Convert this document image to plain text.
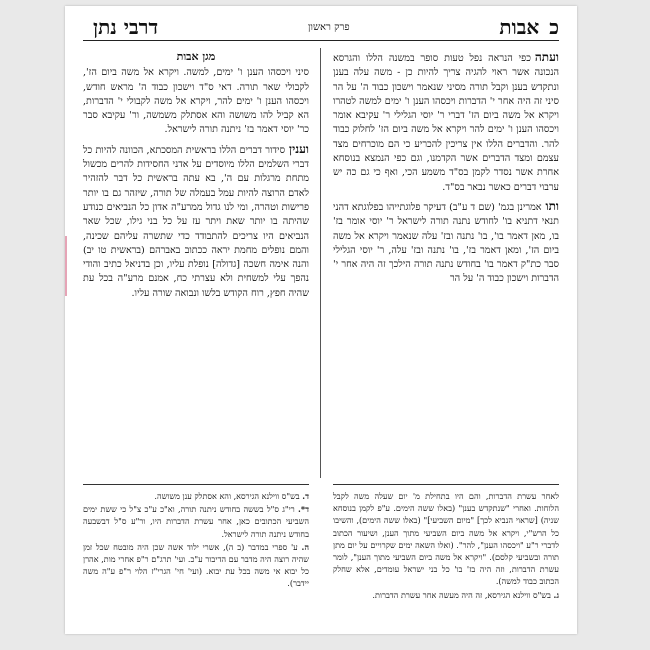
כ
אבות
פרק ראשון
דרבי נתן

ועתהכפי הנראה נפל טעות סופר במשנה הללו והגרסא הנכונה אשר ראוי להגיה צריך להיות כן - משה עלה בענן ונתקדש בענן וקבל תורה מסיני שנאמר וישכון כבוד ה' על הר סיני זה היה אחר י' הדברות ויכסהו הענן ו' ימים למשה לטהרו ויקרא אל משה ביום הז' דברי ר' יוסי הגלילי ר' עקיבא אומר ויכסהו הענן ו' ימים להר ויקרא אל משה ביום הז' לחלוק כבוד להר. והדברים הללו אין צריכין להכריע כי הם מוכרחים מצד עצמם ומצד הדברים אשר הקדמנו, וגם כפי הנמצא בנוסחא אחרת אשר נסדר לקמן בס"ד משמע הכי, ואף כי גם כה יש ערבוי דברים כאשר נבאר בס"ד.

ותואמרינן בגמ' (שם ד ע"ב) דעיקר פלוגתייהו בפלוגתא דהני תנאי דתניא בו' לחודש נתנה תורה לישראל ר' יוסי אומר בז' בו, מאן דאמר בו', בו' נתנה ובז' עלה שנאמר ויקרא אל משה ביום הז', ומאן דאמר בז', בו' נתנה ובז' עלה, ר' יוסי הגלילי סבר כת"ק דאמר בו' בחודש נתנה תורה הילכך זה היה אחר י' הדברות וישכון כבוד ה' על הר

מגן אבות

סיני ויכסהו הענן ו' ימים, למשה. ויקרא אל משה ביום הז', לקבולי שאר תורה. דאי ס"ד וישכון כבוד ה' מראש חודש, ויכסהו הענן ו' ימים להר, ויקרא אל משה לקבולי י' הדברות, הא קביל להו משושה והא אסתלק משמשה, ור' עקיבא סבר כר' יוסי דאמר בז' ניתנה תורה לישראל.

ועניןסידור דברים הללו בראשית המסכתא, הכוונה להיות כל דברי השלמים הללו מיוסדים על אדני החסידות להרים מכשול מתחת מרגלות עם ה', בא עתה בראשית כל דבר להזהיר לאדם הרוצה להיות עמל בעמלה של תורה, שיזהר גם בו יותר פרישות וטהרה, ומי לנו גדול ממרע"ה אדון כל הנביאים כנודע שהיתה בו יותר שאת ויתר עז על כל בני גילו, שכל שאר הנביאים היו צריכים להתבודד כדי שתשרה עליהם שכינה, והמם נופלים מחמת יראה ככתוב באברהם (בראשית טו יב) והנה אימה חשכה [גדולה] נופלת עליו, וכן בדניאל כתיב והודי נהפך עלי למשחית ולא עצרתי כח, אמנם מרע"ה בכל עת שהיה חפץ, רוח הקודש בלשו ונבואה שורה עליו.

לאחר עשרת הדברות, והם היו בתחילת מ' יום שעלה משה לקבל הלוחות. ואחרי "שנתקדש בענן" (באלו ששה הימים. ע"פ לקמן בנוסחא שניה) [שראוי הנביא לכך] "מיום השביעי]" (באלו ששה הימים), והשיבו כל הרש"י, ויקרא אל משה ביום השביעי מתוך הענן, ושיעור הכתוב לדברי ר"ע "ויכסהו הענן", להר". (ואלו השאה ימים שקרויים על יום מתן תורה ובשביעי קלסם). "ויקרא אל משה ביום השביעי מתוך הענן", לומר עשרת הדברות, וזה היה בז' בו' כל בני ישראל עומדים, אלא שחלק הכתוב כבוד למשה).

ג. בש"ס ווילנא הגירסא, זה היה מעשה אחר עשרת הדברות.

ד. בש"ס ווילנא הגירסא, והא אסתלק ענן משושה.

ד*. רי"ג ס"ל בששה בחודש ניתנה תורה, וא"כ ע"כ צ"ל כי ששת ימים השביעי הכתובים כאן, אחר עשרת הדברות היו, ור"ע ס"ל דבשבעה בחודש ניתנה תורה לישראל.

ה. ע' ספרי במדבר (ב ה), אשרי ילוד אשה שכן היה מובטח שכל זמן שהיה רוצה היה מדבר עם הדיבור ע"כ. ועי' תרג"ם ר"פ אחרי מות, אהרן כל יבוא אי משה בכל עת יבוא. (ועי' חי' הגרי"ז הלוי ר"פ ע"ה משה יידבר).
